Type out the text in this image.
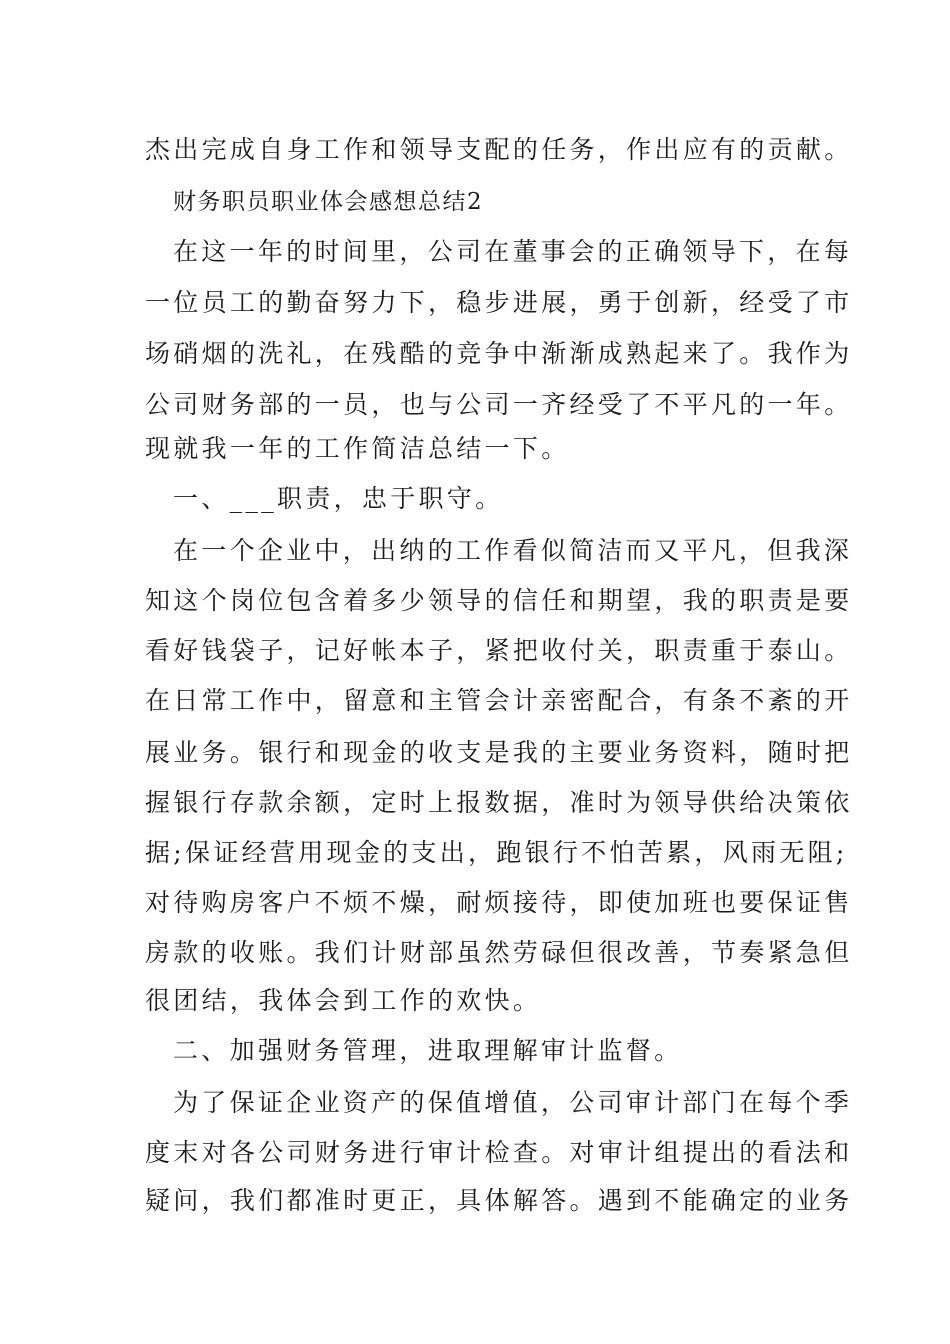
杰出完成自身工作和领导支配的任务，作出应有的贡献。
财务职员职业体会感想总结2
在这一年的时间里，公司在董事会的正确领导下，在每
一位员工的勤奋努力下，稳步进展，勇于创新，经受了市
场硝烟的洗礼，在残酷的竞争中渐渐成熟起来了。我作为
公司财务部的一员，也与公司一齐经受了不平凡的一年。
现就我一年的工作简洁总结一下。
一、___职责，忠于职守。
在一个企业中，出纳的工作看似简洁而又平凡，但我深
知这个岗位包含着多少领导的信任和期望，我的职责是要
看好钱袋子，记好帐本子，紧把收付关，职责重于泰山。
在日常工作中，留意和主管会计亲密配合，有条不紊的开
展业务。银行和现金的收支是我的主要业务资料，随时把
握银行存款余额，定时上报数据，准时为领导供给决策依
据;保证经营用现金的支出，跑银行不怕苦累，风雨无阻;
对待购房客户不烦不燥，耐烦接待，即使加班也要保证售
房款的收账。我们计财部虽然劳碌但很改善，节奏紧急但
很团结，我体会到工作的欢快。
二、加强财务管理，进取理解审计监督。
为了保证企业资产的保值增值，公司审计部门在每个季
度末对各公司财务进行审计检查。对审计组提出的看法和
疑问，我们都准时更正，具体解答。遇到不能确定的业务
